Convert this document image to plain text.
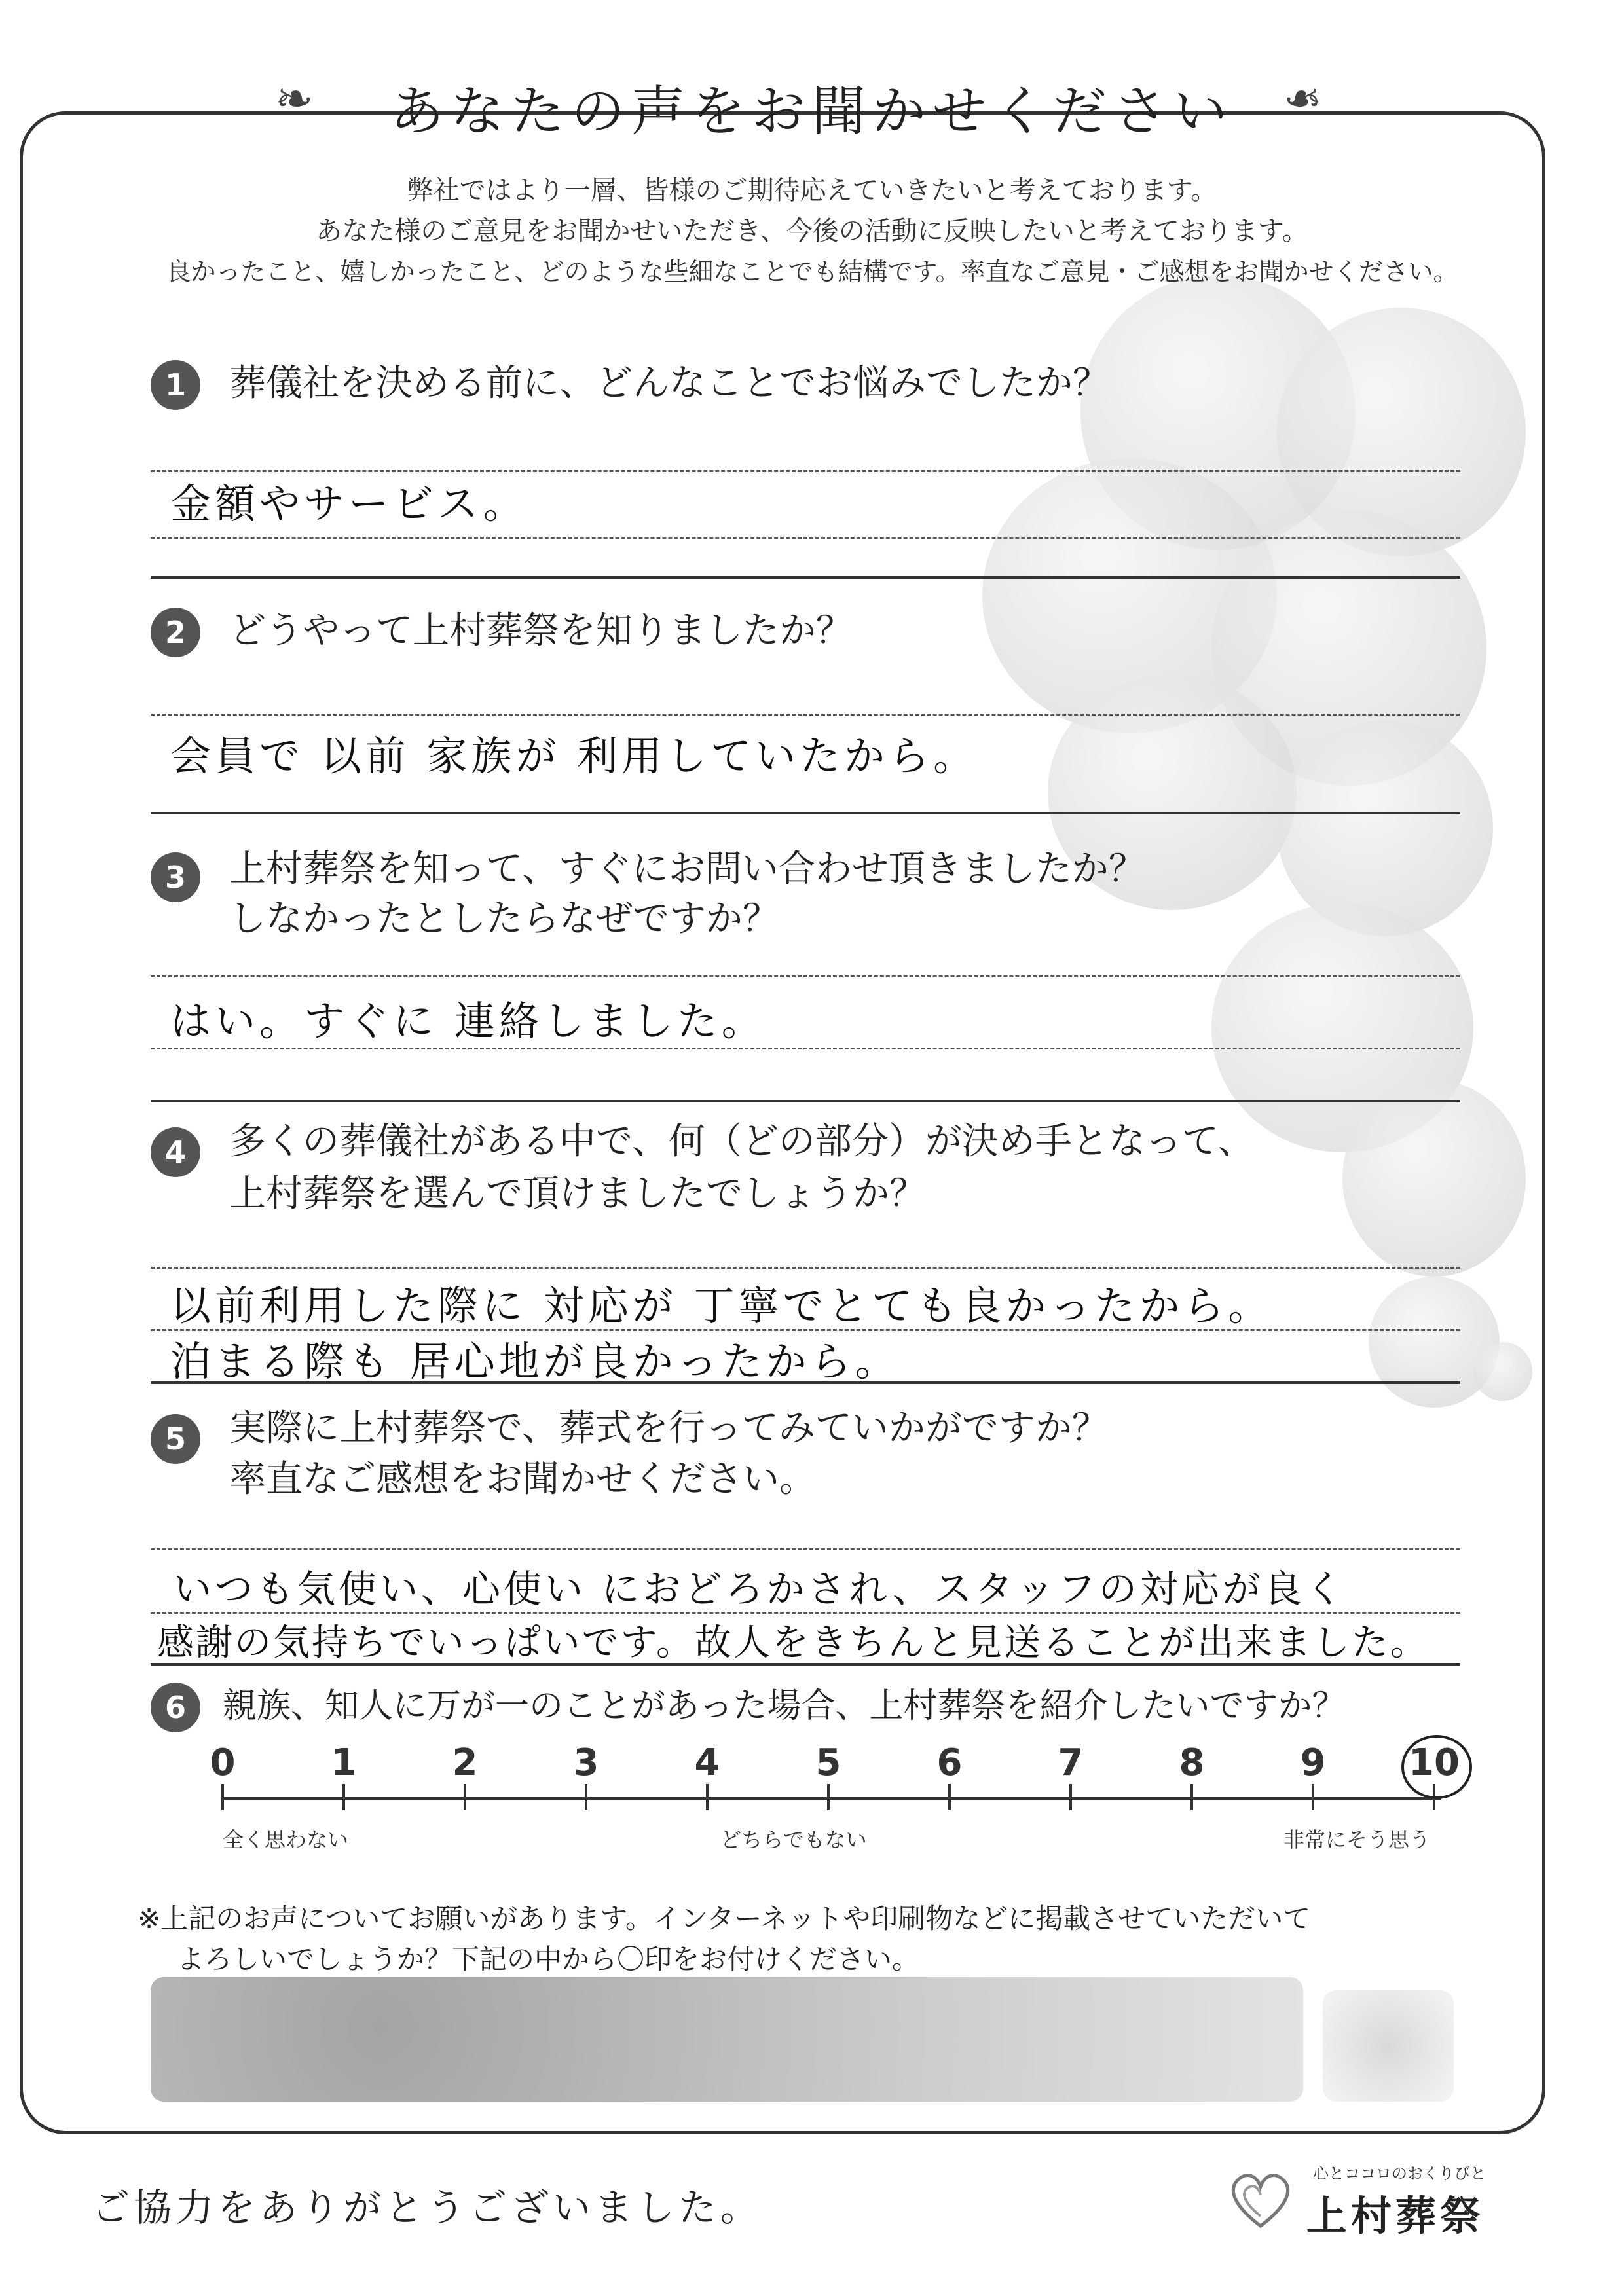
❧	❧
あなたの声をお聞かせください
弊社ではより一層、皆様のご期待応えていきたいと考えております。
あなた様のご意見をお聞かせいただき、今後の活動に反映したいと考えております。
良かったこと、嬉しかったこと、どのような些細なことでも結構です。率直なご意見・ご感想をお聞かせください。
1	葬儀社を決める前に、どんなことでお悩みでしたか？
金額やサービス。
2	どうやって上村葬祭を知りましたか？
会員で 以前 家族が 利用していたから。
3	上村葬祭を知って、すぐにお問い合わせ頂きましたか？
しなかったとしたらなぜですか？
はい。すぐに 連絡しました。
4	多くの葬儀社がある中で、何（どの部分）が決め手となって、
上村葬祭を選んで頂けましたでしょうか？
以前利用した際に 対応が 丁寧でとても良かったから。
泊まる際も 居心地が良かったから。
5	実際に上村葬祭で、葬式を行ってみていかがですか？
率直なご感想をお聞かせください。
いつも気使い、心使い におどろかされ、スタッフの対応が良く
感謝の気持ちでいっぱいです。故人をきちんと見送ることが出来ました。
6	親族、知人に万が一のことがあった場合、上村葬祭を紹介したいですか？
0	1	2	3	4	5	6	7	8	9	10
全く思わない	どちらでもない	非常にそう思う
※上記のお声についてお願いがあります。インターネットや印刷物などに掲載させていただいて
よろしいでしょうか？下記の中から〇印をお付けください。
ご協力をありがとうございました。
心とココロのおくりびと
上村葬祭
